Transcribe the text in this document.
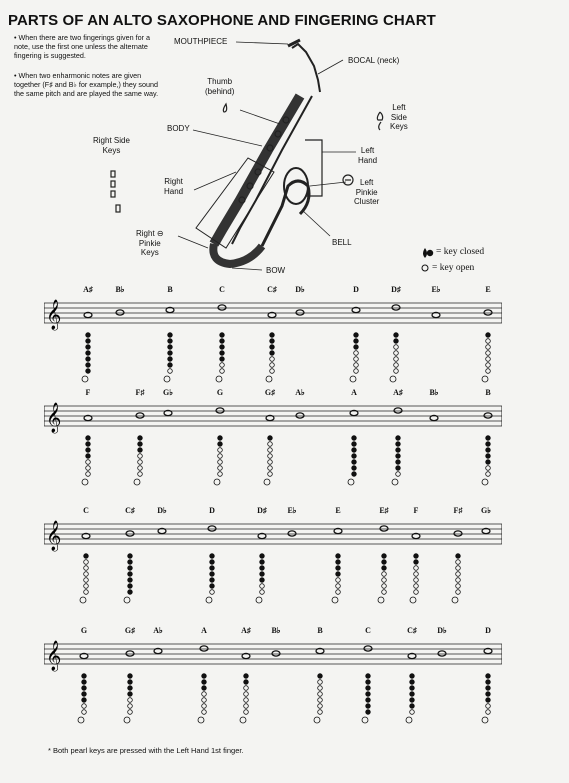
PARTS OF AN ALTO SAXOPHONE AND FINGERING CHART
• When there are two fingerings given for a note, use the first one unless the alternate fingering is suggested.
• When two enharmonic notes are given together (F♯ and B♭ for example,) they sound the same pitch and are played the same way.
MOUTHPIECE
BOCAL (neck)
Thumb
(behind)
Left
Side
Keys
BODY
Right Side
Keys	Left
Hand
Right
Hand
Left
Pinkie
Cluster
Right ⊖
Pinkie
Keys
BELL
BOW
= key closed
= key open
𝄞
A♯	B♭	B	C	C♯ D♭	D	D♯	E♭	E
𝄞
F	F♯ G♭	G	G♯	A♭	A	A♯	B♭	B
𝄞
C	C♯	D♭	D	D♯	E♭	E	E♯	F	F♯ G♭
𝄞
G	G♯ A♭	A	A♯	B♭	B	C	C♯	D♭	D
* Both pearl keys are pressed with the Left Hand 1st finger.
